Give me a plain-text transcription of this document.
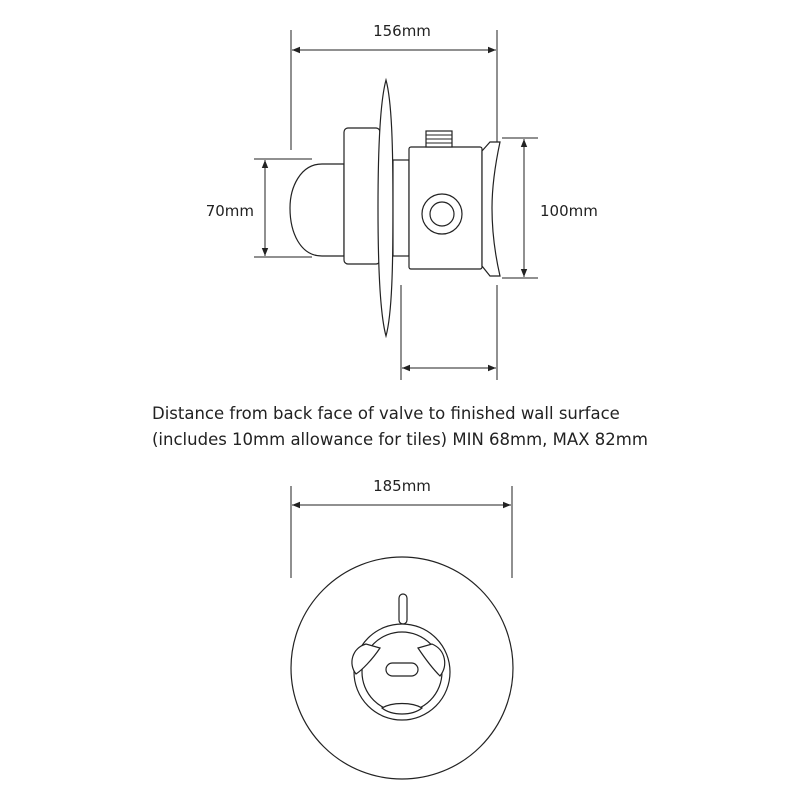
156mm
70mm	100mm
Distance from back face of valve to finished wall surface
(includes 10mm allowance for tiles) MIN 68mm, MAX 82mm
185mm
